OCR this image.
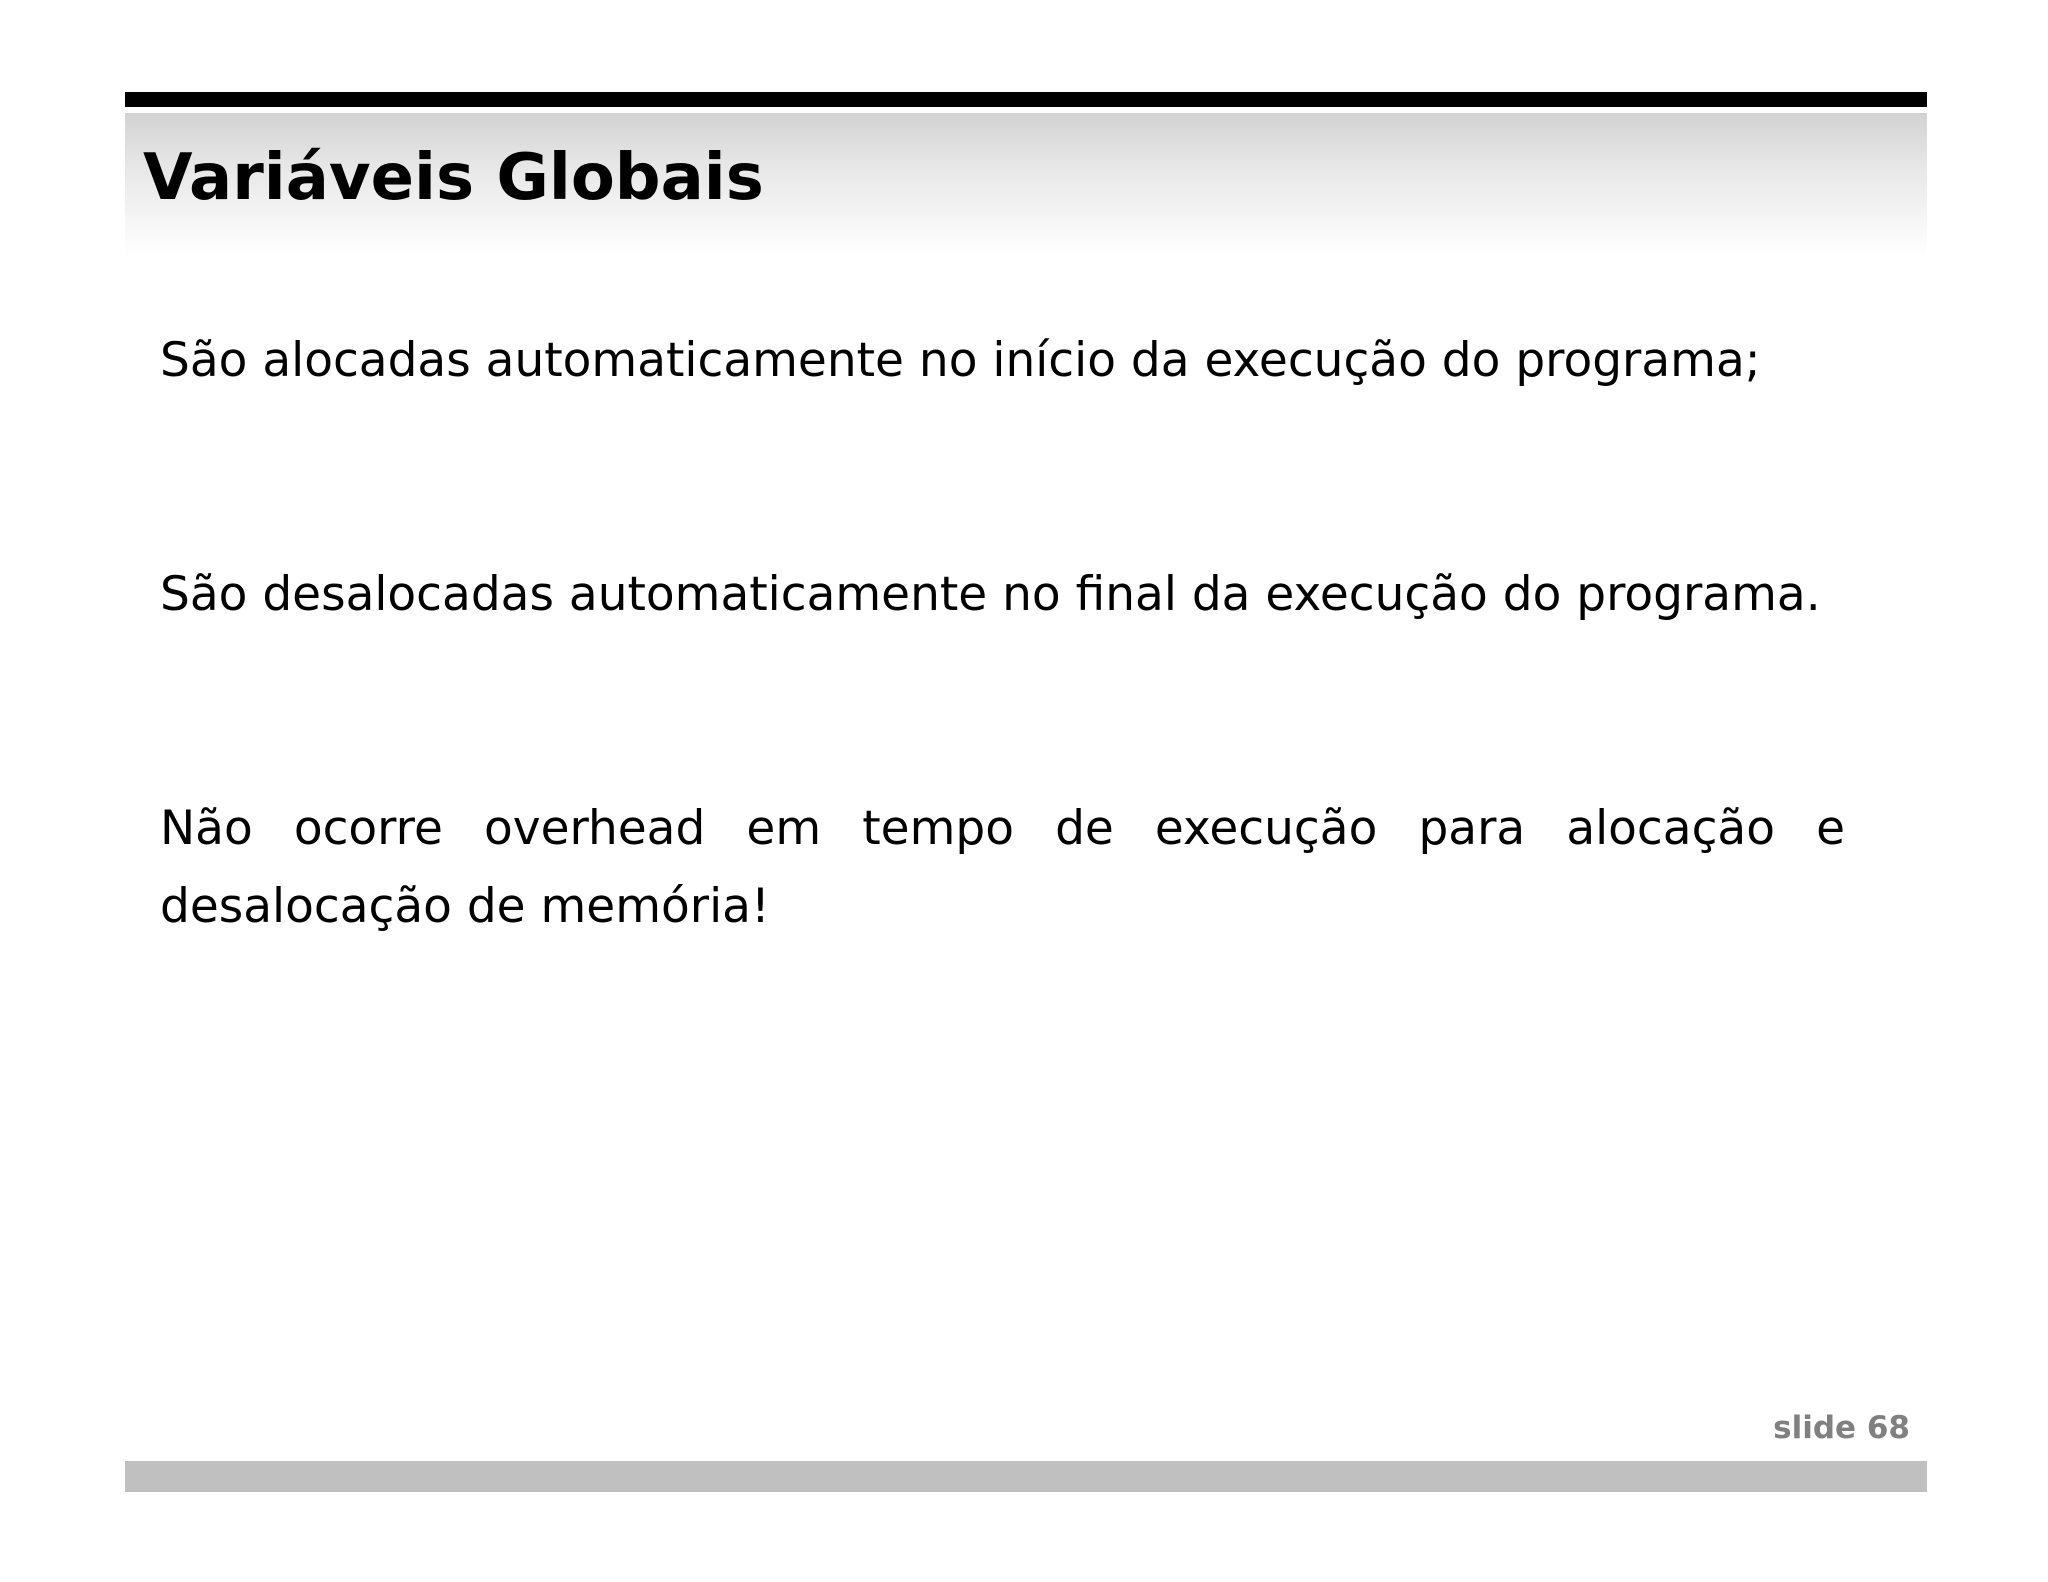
Variáveis Globais

São alocadas automaticamente no início da execução do programa;

São desalocadas automaticamente no final da execução do programa.

Não ocorre overhead em tempo de execução para alocação e desalocação de memória!

slide 68
